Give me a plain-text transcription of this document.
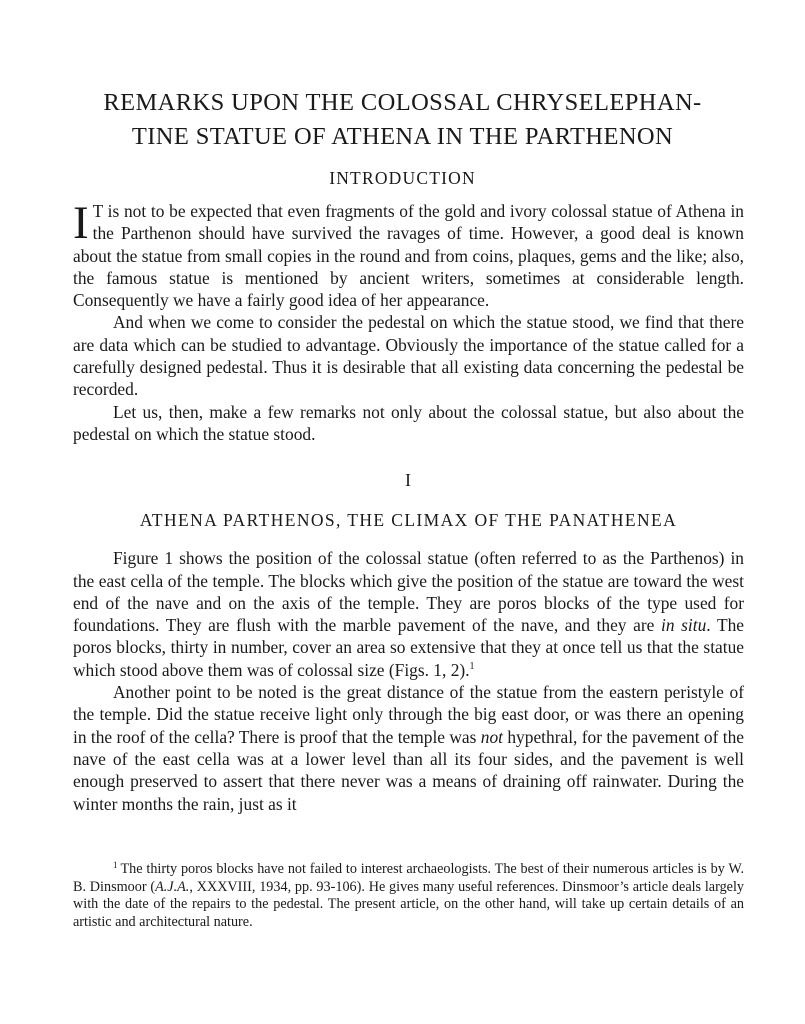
REMARKS UPON THE COLOSSAL CHRYSELEPHAN-
TINE STATUE OF ATHENA IN THE PARTHENON
INTRODUCTION

I T is not to be expected that even fragments of the gold and ivory colossal statue of Athena in the Parthenon should have survived the ravages of time. However, a good deal is known about the statue from small copies in the round and from coins, plaques, gems and the like; also, the famous statue is mentioned by ancient writers, sometimes at considerable length. Consequently we have a fairly good idea of her appearance.

And when we come to consider the pedestal on which the statue stood, we find that there are data which can be studied to advantage. Obviously the importance of the statue called for a carefully designed pedestal. Thus it is desirable that all existing data concerning the pedestal be recorded.

Let us, then, make a few remarks not only about the colossal statue, but also about the pedestal on which the statue stood.

I
ATHENA PARTHENOS, THE CLIMAX OF THE PANATHENEA

Figure 1 shows the position of the colossal statue (often referred to as the Parthenos) in the east cella of the temple. The blocks which give the position of the statue are toward the west end of the nave and on the axis of the temple. They are poros blocks of the type used for foundations. They are flush with the marble pavement of the nave, and they are in situ. The poros blocks, thirty in number, cover an area so extensive that they at once tell us that the statue which stood above them was of colossal size (Figs. 1, 2).$^1$

Another point to be noted is the great distance of the statue from the eastern peristyle of the temple. Did the statue receive light only through the big east door, or was there an opening in the roof of the cella? There is proof that the temple was not hypethral, for the pavement of the nave of the east cella was at a lower level than all its four sides, and the pavement is well enough preserved to assert that there never was a means of draining off rainwater. During the winter months the rain, just as it

$^1$ The thirty poros blocks have not failed to interest archaeologists. The best of their numerous articles is by W. B. Dinsmoor (A.J.A., XXXVIII, 1934, pp. 93-106). He gives many useful references. Dinsmoor’s article deals largely with the date of the repairs to the pedestal. The present article, on the other hand, will take up certain details of an artistic and architectural nature.
